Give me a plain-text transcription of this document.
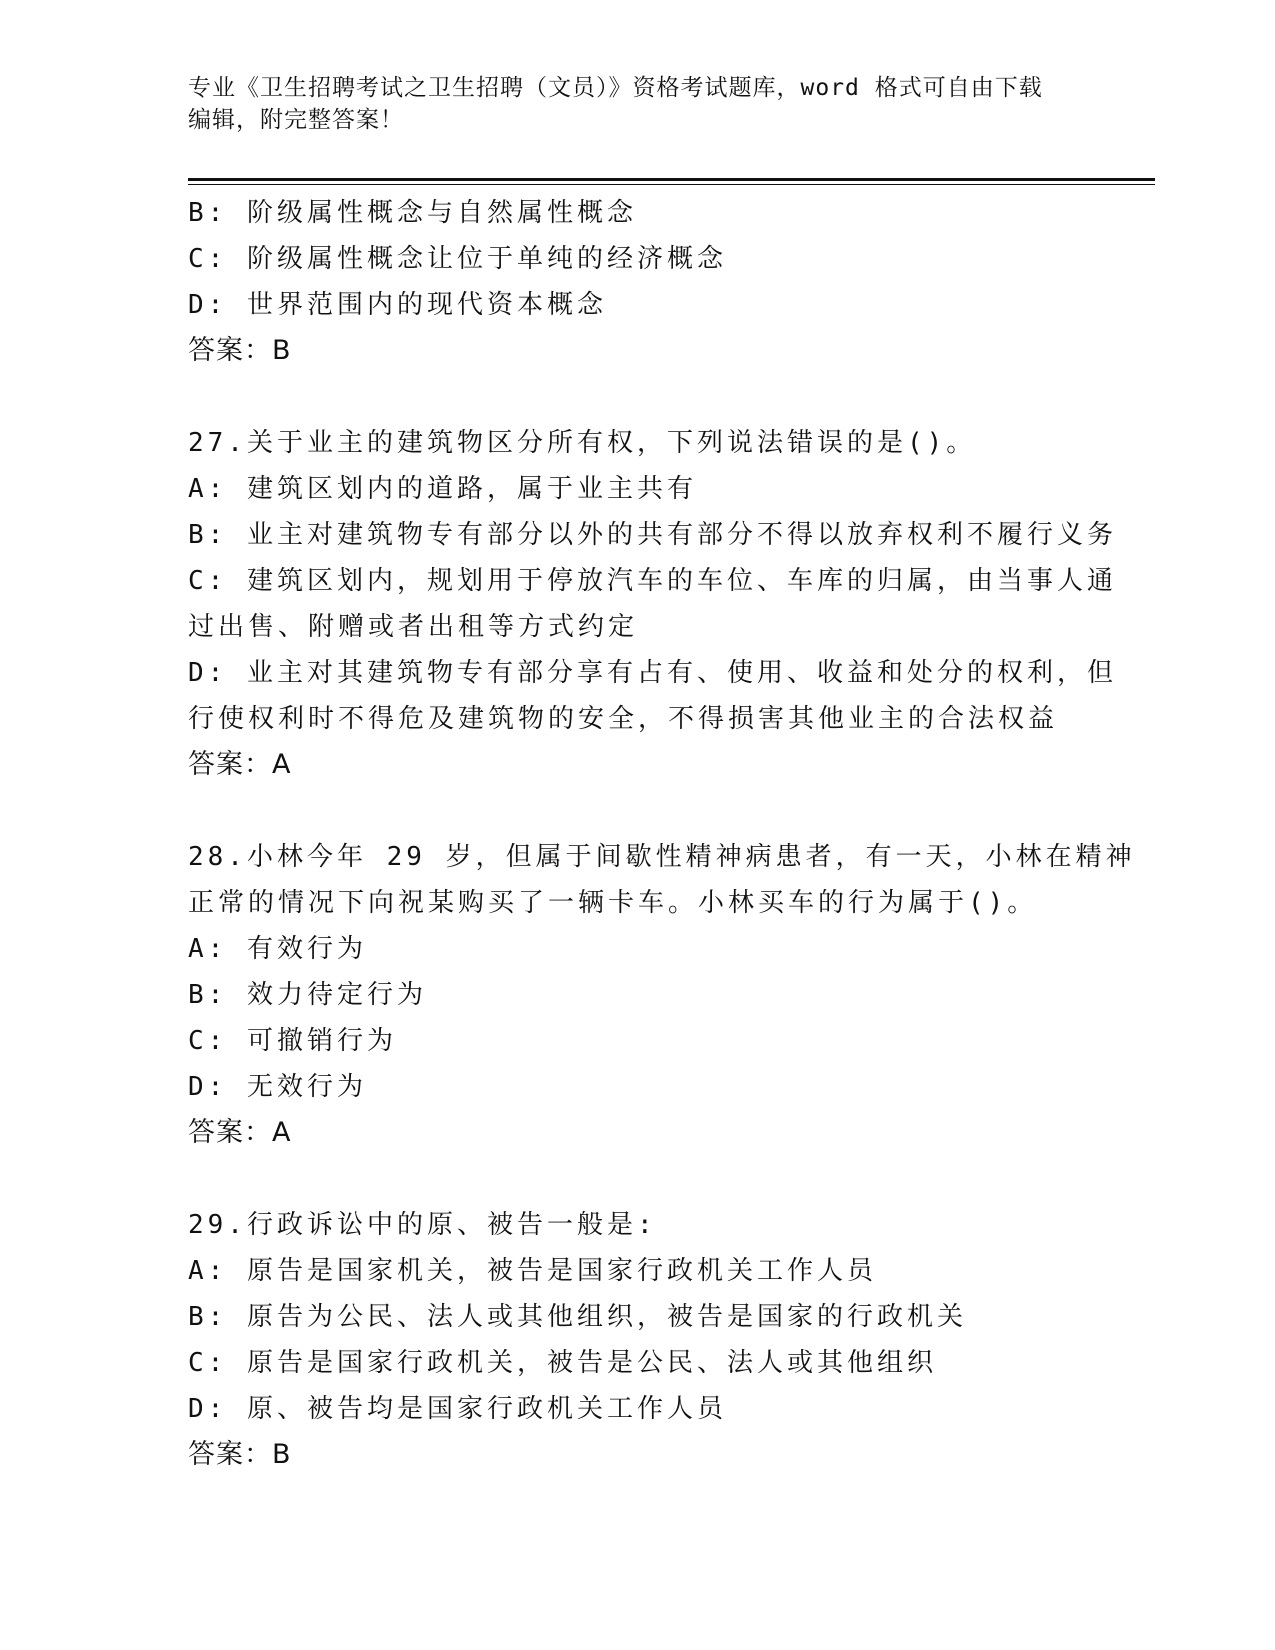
专业《卫生招聘考试之卫生招聘（文员）》资格考试题库，word 格式可自由下载
编辑，附完整答案！
B: 阶级属性概念与自然属性概念
C: 阶级属性概念让位于单纯的经济概念
D: 世界范围内的现代资本概念
答案：B
27.关于业主的建筑物区分所有权，下列说法错误的是()。
A: 建筑区划内的道路，属于业主共有
B: 业主对建筑物专有部分以外的共有部分不得以放弃权利不履行义务
C: 建筑区划内，规划用于停放汽车的车位、车库的归属，由当事人通
过出售、附赠或者出租等方式约定
D: 业主对其建筑物专有部分享有占有、使用、收益和处分的权利，但
行使权利时不得危及建筑物的安全，不得损害其他业主的合法权益
答案：A
28.小林今年 29 岁，但属于间歇性精神病患者，有一天，小林在精神
正常的情况下向祝某购买了一辆卡车。小林买车的行为属于()。
A: 有效行为
B: 效力待定行为
C: 可撤销行为
D: 无效行为
答案：A
29.行政诉讼中的原、被告一般是:
A: 原告是国家机关，被告是国家行政机关工作人员
B: 原告为公民、法人或其他组织，被告是国家的行政机关
C: 原告是国家行政机关，被告是公民、法人或其他组织
D: 原、被告均是国家行政机关工作人员
答案：B
